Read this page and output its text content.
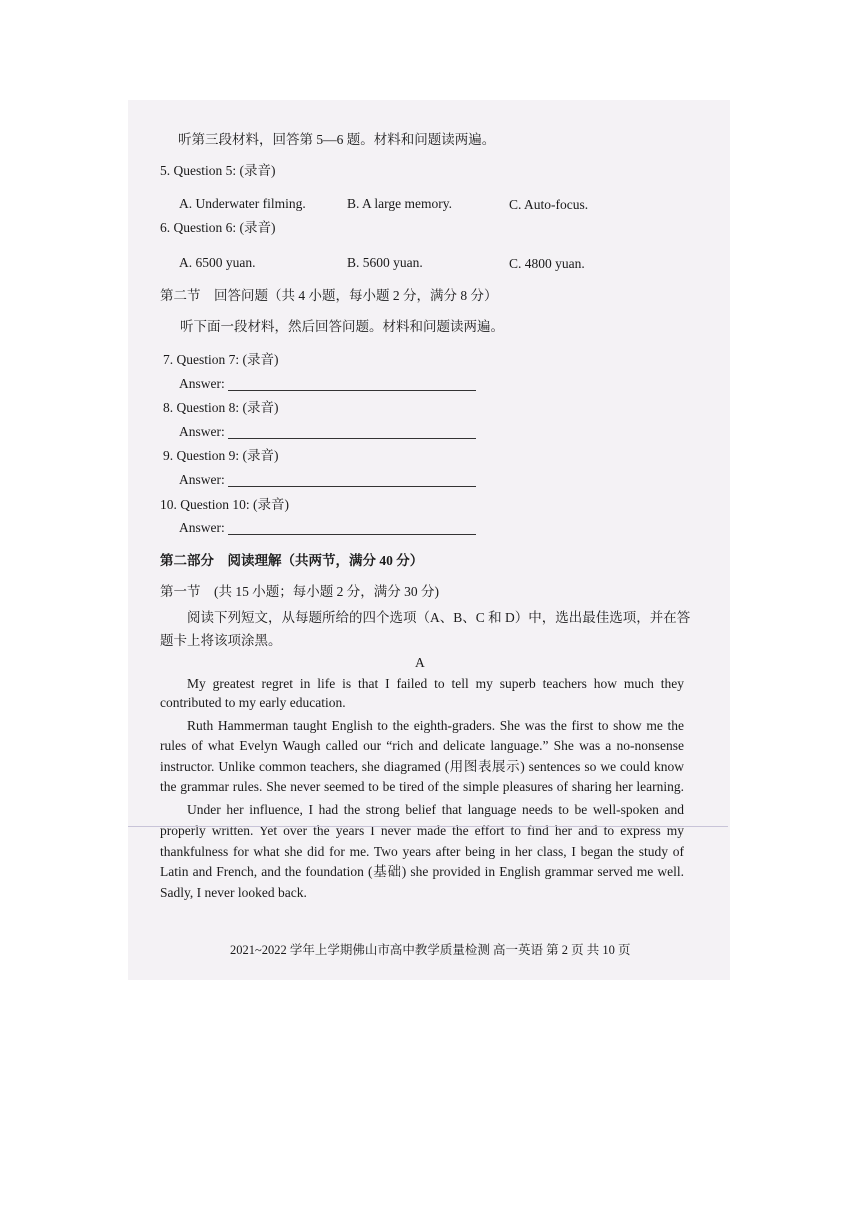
听第三段材料，回答第 5—6 题。材料和问题读两遍。
5. Question 5: (录音)
A. Underwater filming.	B. A large memory.	C. Auto-focus.
6. Question 6: (录音)
A. 6500 yuan.	B. 5600 yuan.	C. 4800 yuan.
第二节　回答问题（共 4 小题，每小题 2 分，满分 8 分）
听下面一段材料，然后回答问题。材料和问题读两遍。
7. Question 7: (录音)
Answer:
8. Question 8: (录音)
Answer:
9. Question 9: (录音)
Answer:
10. Question 10: (录音)
Answer:
第二部分　阅读理解（共两节，满分 40 分）
第一节　(共 15 小题；每小题 2 分，满分 30 分)
阅读下列短文，从每题所给的四个选项（A、B、C 和 D）中，选出最佳选项，并在答
题卡上将该项涂黑。
A
My greatest regret in life is that I failed to tell my superb teachers how much they
contributed to my early education.
Ruth Hammerman taught English to the eighth-graders. She was the first to show me the
rules of what Evelyn Waugh called our “rich and delicate language.” She was a no-nonsense
instructor. Unlike common teachers, she diagramed (用图表展示) sentences so we could know
the grammar rules. She never seemed to be tired of the simple pleasures of sharing her learning.
Under her influence, I had the strong belief that language needs to be well-spoken and
properly written. Yet over the years I never made the effort to find her and to express my
thankfulness for what she did for me. Two years after being in her class, I began the study of
Latin and French, and the foundation (基础) she provided in English grammar served me well.
Sadly, I never looked back.
2021~2022 学年上学期佛山市高中教学质量检测 高一英语 第 2 页 共 10 页
